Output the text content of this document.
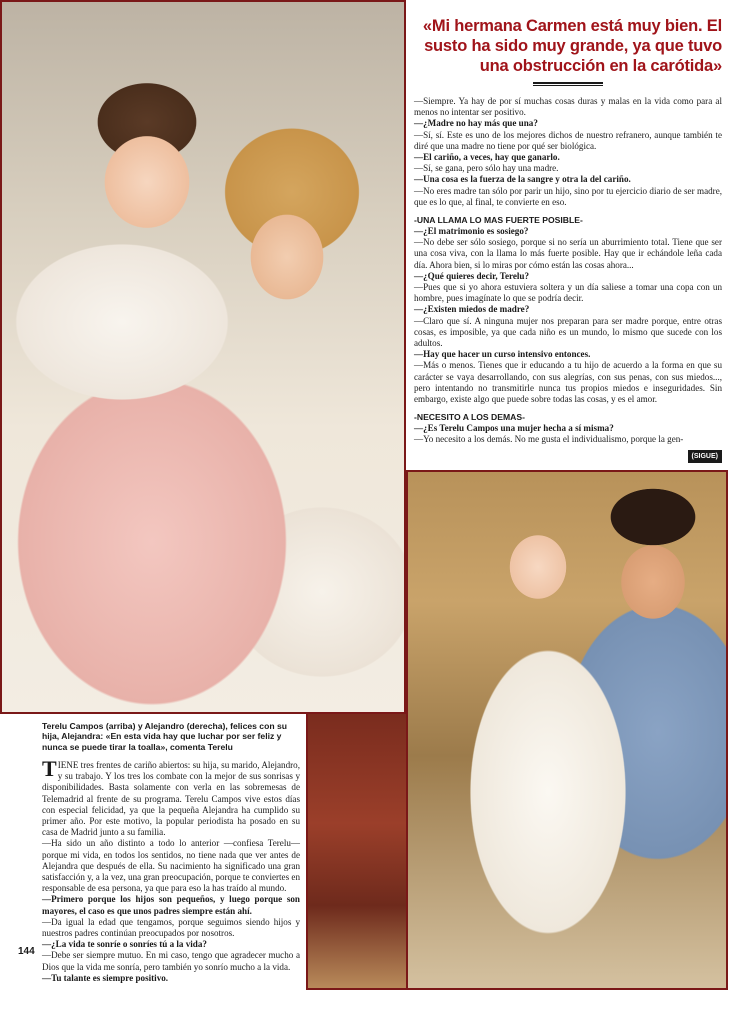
«Mi hermana Carmen está muy bien. El susto ha sido muy grande, ya que tuvo una obstrucción en la carótida»

—Siempre. Ya hay de por sí muchas cosas duras y malas en la vida como para al menos no intentar ser positivo.

—¿Madre no hay más que una?

—Sí, sí. Este es uno de los mejores dichos de nuestro refranero, aunque también te diré que una madre no tiene por qué ser biológica.

—El cariño, a veces, hay que ganarlo.

—Sí, se gana, pero sólo hay una madre.

—Una cosa es la fuerza de la sangre y otra la del cariño.

—No eres madre tan sólo por parir un hijo, sino por tu ejercicio diario de ser madre, que es lo que, al final, te convierte en eso.

-UNA LLAMA LO MAS FUERTE POSIBLE-

—¿El matrimonio es sosiego?

—No debe ser sólo sosiego, porque si no sería un aburrimiento total. Tiene que ser una cosa viva, con la llama lo más fuerte posible. Hay que ir echándole leña cada día. Ahora bien, si lo miras por cómo están las cosas ahora...

—¿Qué quieres decir, Terelu?

—Pues que si yo ahora estuviera soltera y un día saliese a tomar una copa con un hombre, pues imagínate lo que se podría decir.

—¿Existen miedos de madre?

—Claro que sí. A ninguna mujer nos preparan para ser madre porque, entre otras cosas, es imposible, ya que cada niño es un mundo, lo mismo que sucede con los adultos.

—Hay que hacer un curso intensivo entonces.

—Más o menos. Tienes que ir educando a tu hijo de acuerdo a la forma en que su carácter se vaya desarrollando, con sus alegrías, con sus penas, con sus miedos..., pero intentando no transmitirle nunca tus propios miedos e inseguridades. Sin embargo, existe algo que puede sobre todas las cosas, y es el amor.

-NECESITO A LOS DEMAS-

—¿Es Terelu Campos una mujer hecha a sí misma?

—Yo necesito a los demás. No me gusta el individualismo, porque la gen-

(SIGUE)
Terelu Campos (arriba) y Alejandro (derecha), felices con su hija, Alejandra: «En esta vida hay que luchar por ser feliz y nunca se puede tirar la toalla», comenta Terelu

TIENE tres frentes de cariño abiertos: su hija, su marido, Alejandro, y su trabajo. Y los tres los combate con la mejor de sus sonrisas y disponibilidades. Basta solamente con verla en las sobremesas de Telemadrid al frente de su programa. Terelu Campos vive estos días con especial felicidad, ya que la pequeña Alejandra ha cumplido su primer año. Por este motivo, la popular periodista ha posado en su casa de Madrid junto a su familia.

—Ha sido un año distinto a todo lo anterior —confiesa Terelu— porque mi vida, en todos los sentidos, no tiene nada que ver antes de Alejandra que después de ella. Su nacimiento ha significado una gran satisfacción y, a la vez, una gran preocupación, porque te conviertes en responsable de esa persona, ya que para eso la has traído al mundo.

—Primero porque los hijos son pequeños, y luego porque son mayores, el caso es que unos padres siempre están ahí.

—Da igual la edad que tengamos, porque seguimos siendo hijos y nuestros padres continúan preocupados por nosotros.

—¿La vida te sonríe o sonríes tú a la vida?

—Debe ser siempre mutuo. En mi caso, tengo que agradecer mucho a Dios que la vida me sonría, pero también yo sonrío mucho a la vida.

—Tu talante es siempre positivo.

144
